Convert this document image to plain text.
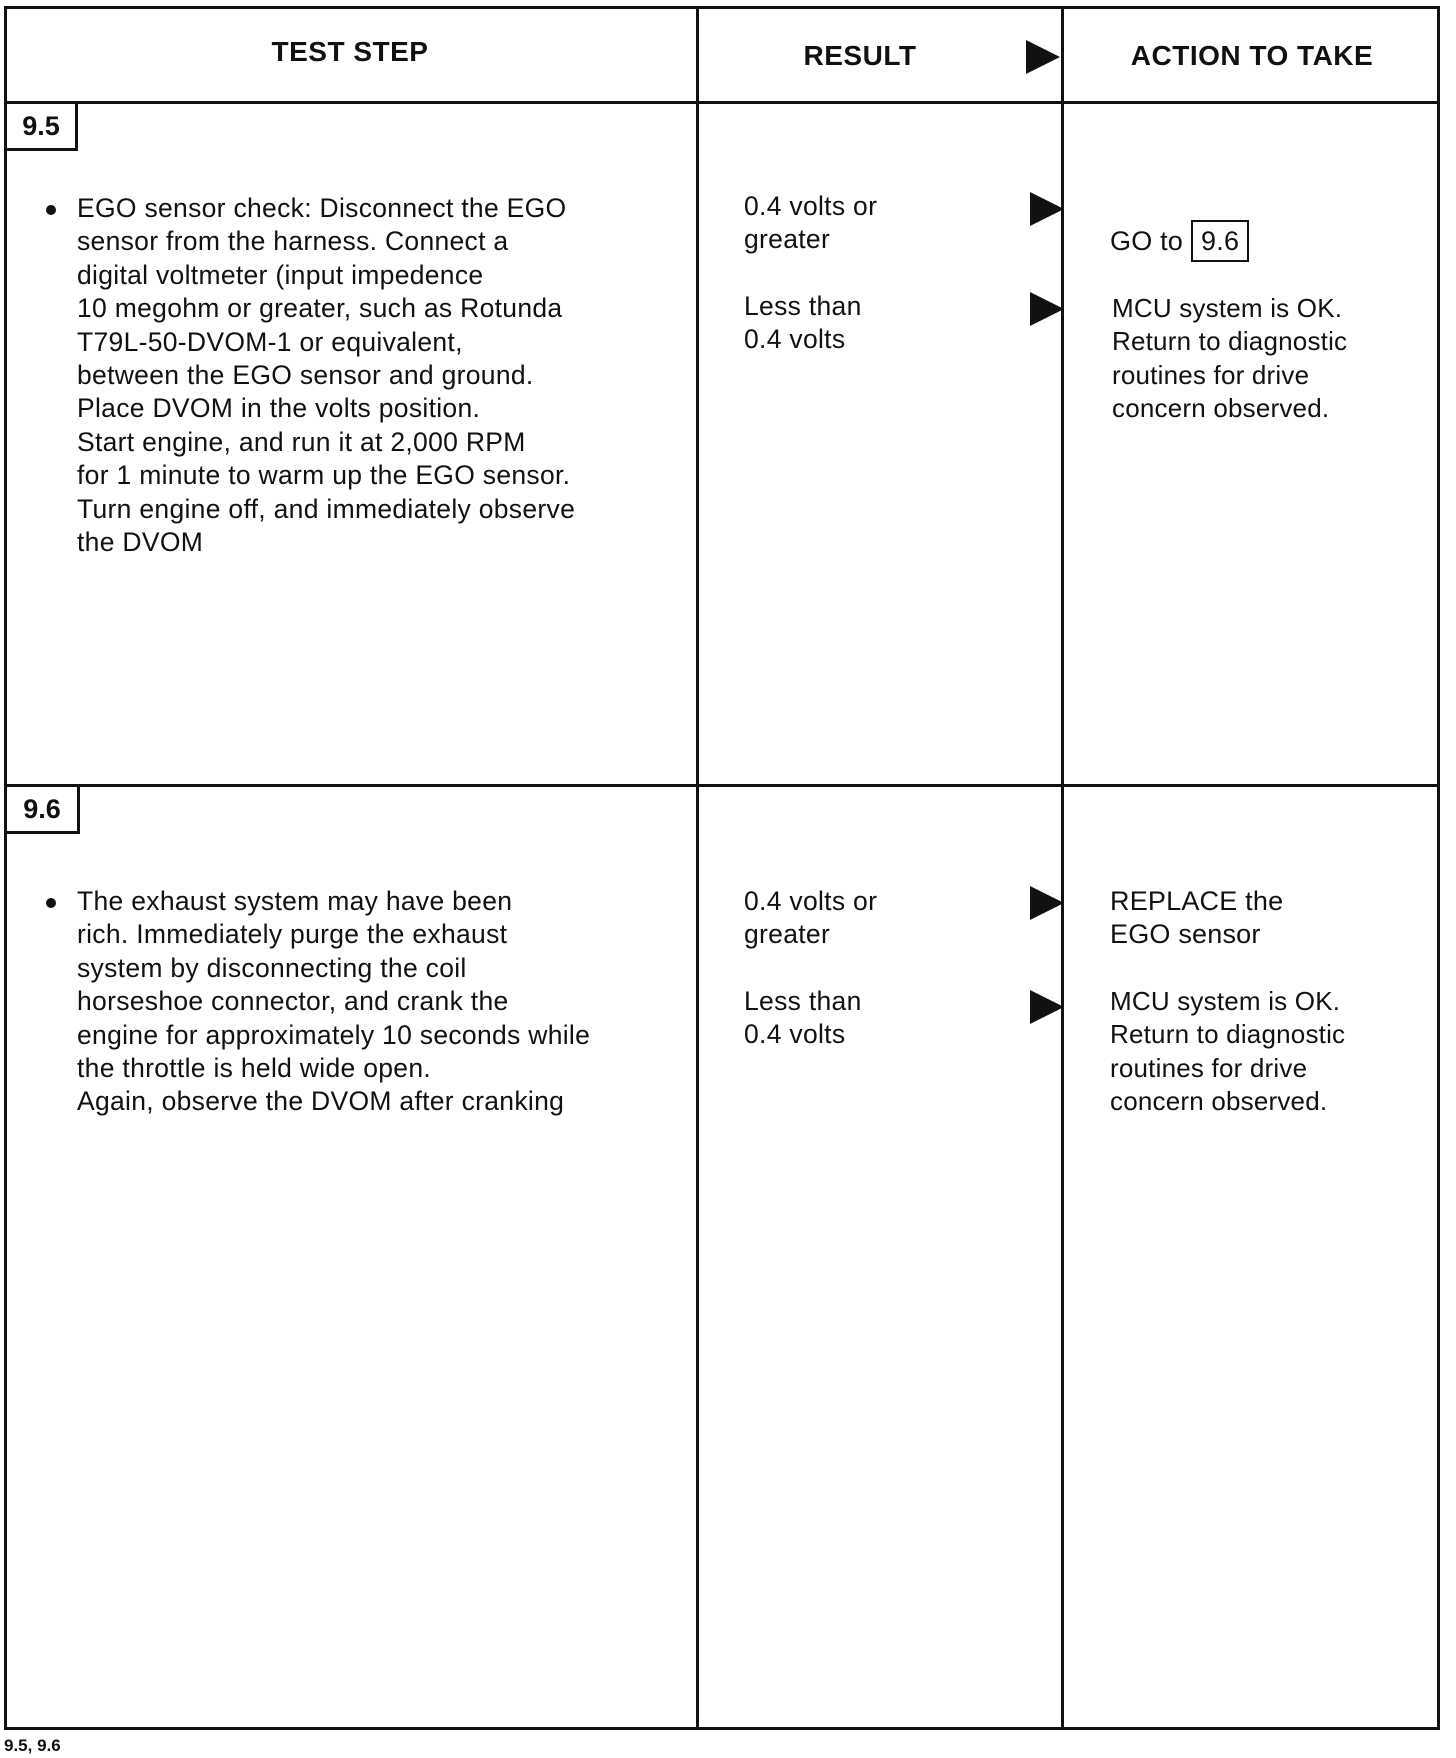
TEST STEP	RESULT	ACTION TO TAKE
9.5
EGO sensor check: Disconnect the EGO
sensor from the harness. Connect a
digital voltmeter (input impedence
10 megohm or greater, such as Rotunda
T79L-50-DVOM-1 or equivalent,
between the EGO sensor and ground.
Place DVOM in the volts position.
Start engine, and run it at 2,000 RPM
for 1 minute to warm up the EGO sensor.
Turn engine off, and immediately observe
the DVOM
0.4 volts or
greater
Less than
0.4 volts

GO to 9.6

MCU system is OK.
Return to diagnostic
routines for drive
concern observed.
9.6
The exhaust system may have been
rich. Immediately purge the exhaust
system by disconnecting the coil
horseshoe connector, and crank the
engine for approximately 10 seconds while
the throttle is held wide open.
Again, observe the DVOM after cranking
0.4 volts or
greater
Less than
0.4 volts
REPLACE the
EGO sensor
MCU system is OK.
Return to diagnostic
routines for drive
concern observed.
9.5, 9.6
